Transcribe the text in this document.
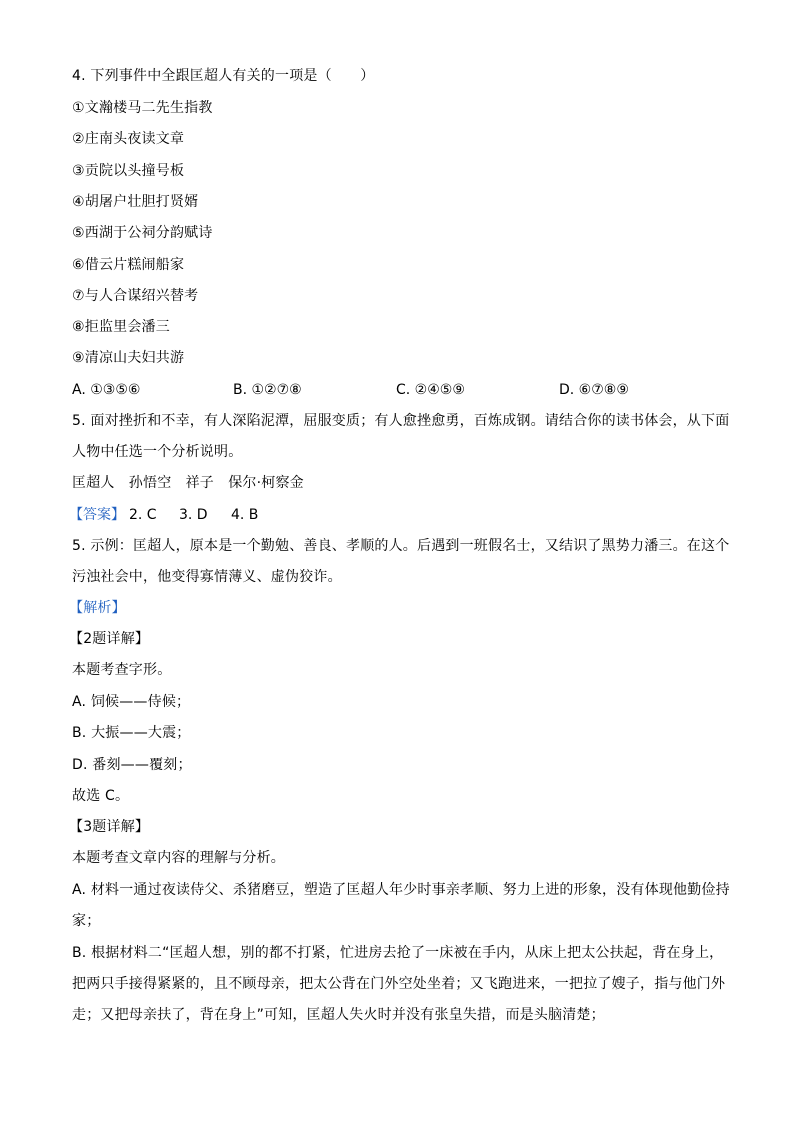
4. 下列事件中全跟匡超人有关的一项是（　　）
①文瀚楼马二先生指教
②庄南头夜读文章
③贡院以头撞号板
④胡屠户壮胆打贤婿
⑤西湖于公祠分韵赋诗
⑥借云片糕闹船家
⑦与人合谋绍兴替考
⑧拒监里会潘三
⑨清凉山夫妇共游
A. ①③⑤⑥	B. ①②⑦⑧	C. ②④⑤⑨	D. ⑥⑦⑧⑨
5. 面对挫折和不幸，有人深陷泥潭，屈服变质；有人愈挫愈勇，百炼成钢。请结合你的读书体会，从下面
人物中任选一个分析说明。
匡超人　孙悟空　祥子　保尔·柯察金
【答案】 2. C 3. D 4. B
5. 示例：匡超人，原本是一个勤勉、善良、孝顺的人。后遇到一班假名士，又结识了黑势力潘三。在这个
污浊社会中，他变得寡情薄义、虚伪狡诈。
【解析】
【2题详解】
本题考查字形。
A. 饲候——侍候；
B. 大振——大震；
D. 番刻——覆刻；
故选 C。
【3题详解】
本题考查文章内容的理解与分析。
A. 材料一通过夜读侍父、杀猪磨豆，塑造了匡超人年少时事亲孝顺、努力上进的形象，没有体现他勤俭持
家；
B. 根据材料二“匡超人想，别的都不打紧，忙进房去抢了一床被在手内，从床上把太公扶起，背在身上，
把两只手接得紧紧的，且不顾母亲，把太公背在门外空处坐着；又飞跑进来，一把拉了嫂子，指与他门外
走；又把母亲扶了，背在身上”可知，匡超人失火时并没有张皇失措，而是头脑清楚；
